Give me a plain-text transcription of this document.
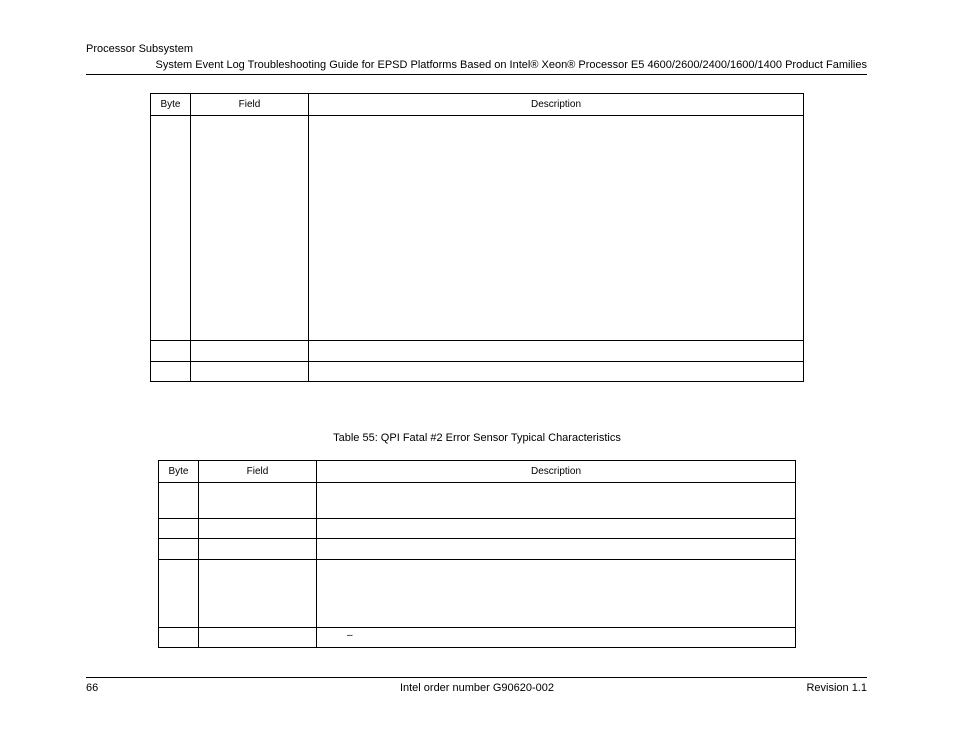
Processor Subsystem
System Event Log Troubleshooting Guide for EPSD Platforms Based on Intel® Xeon® Processor E5 4600/2600/2400/1600/1400 Product Families
Byte	Field	Description

Table 55: QPI Fatal #2 Error Sensor Typical Characteristics
Byte	Field	Description

		–
66	Intel order number G90620-002	Revision 1.1
